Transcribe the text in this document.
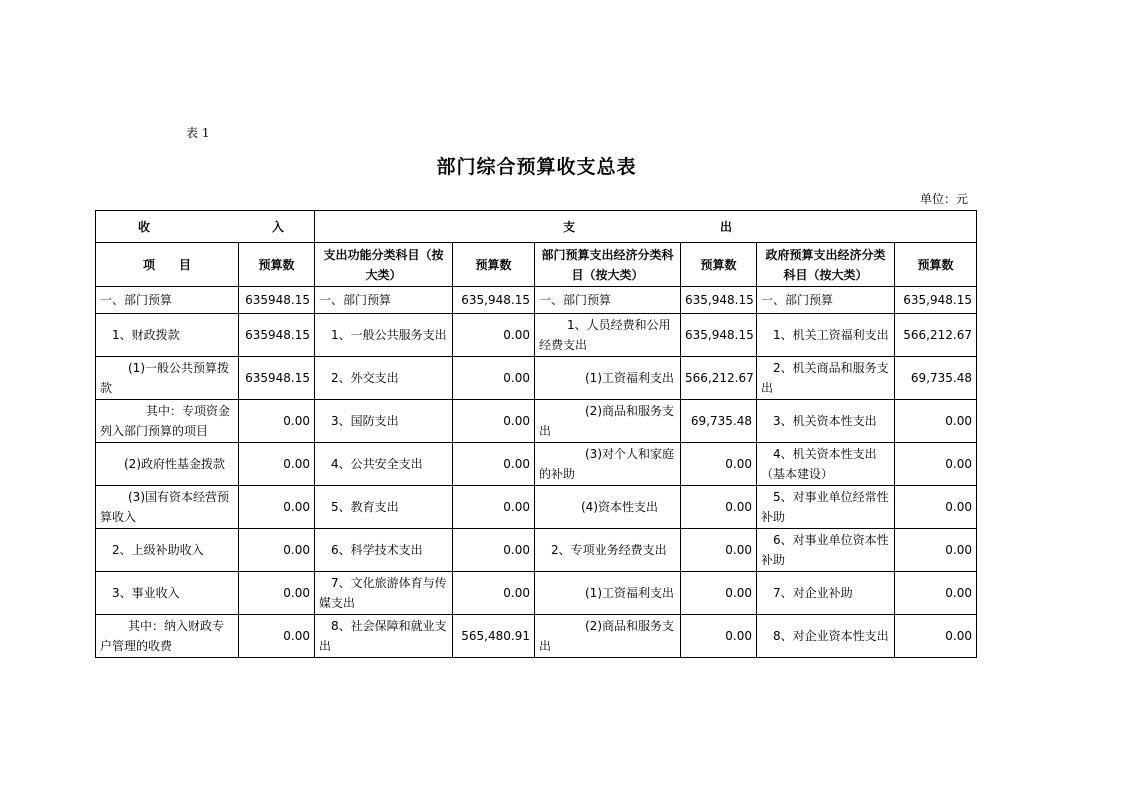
表 1
部门综合预算收支总表
单位：元
收 入		支 出					

项　　目	预算数	支出功能分类科目（按大类）	预算数	部门预算支出经济分类科目（按大类）	预算数	政府预算支出经济分类科目（按大类）	预算数
一、部门预算	635948.15	一、部门预算	635,948.15	一、部门预算	635,948.15	一、部门预算	635,948.15
1、财政拨款	635948.15	1、一般公共服务支出	0.00	1、人员经费和公用经费支出	635,948.15	1、机关工资福利支出	566,212.67

(1)一般公共预算拨款	635948.15	2、外交支出	0.00	(1)工资福利支出	566,212.67	2、机关商品和服务支出	69,735.48

其中：专项资金列入部门预算的项目	0.00	3、国防支出	0.00	(2)商品和服务支出	69,735.48	3、机关资本性支出	0.00
(2)政府性基金拨款	0.00	4、公共安全支出	0.00	(3)对个人和家庭的补助	0.00	4、机关资本性支出（基本建设）	0.00

(3)国有资本经营预算收入	0.00	5、教育支出	0.00	(4)资本性支出	0.00	5、对事业单位经常性补助	0.00
2、上级补助收入	0.00	6、科学技术支出	0.00	2、专项业务经费支出	0.00	6、对事业单位资本性补助	0.00
3、事业收入	0.00	7、文化旅游体育与传媒支出	0.00	(1)工资福利支出	0.00	7、对企业补助	0.00

其中：纳入财政专户管理的收费	0.00	8、社会保障和就业支出	565,480.91	(2)商品和服务支出	0.00	8、对企业资本性支出	0.00
